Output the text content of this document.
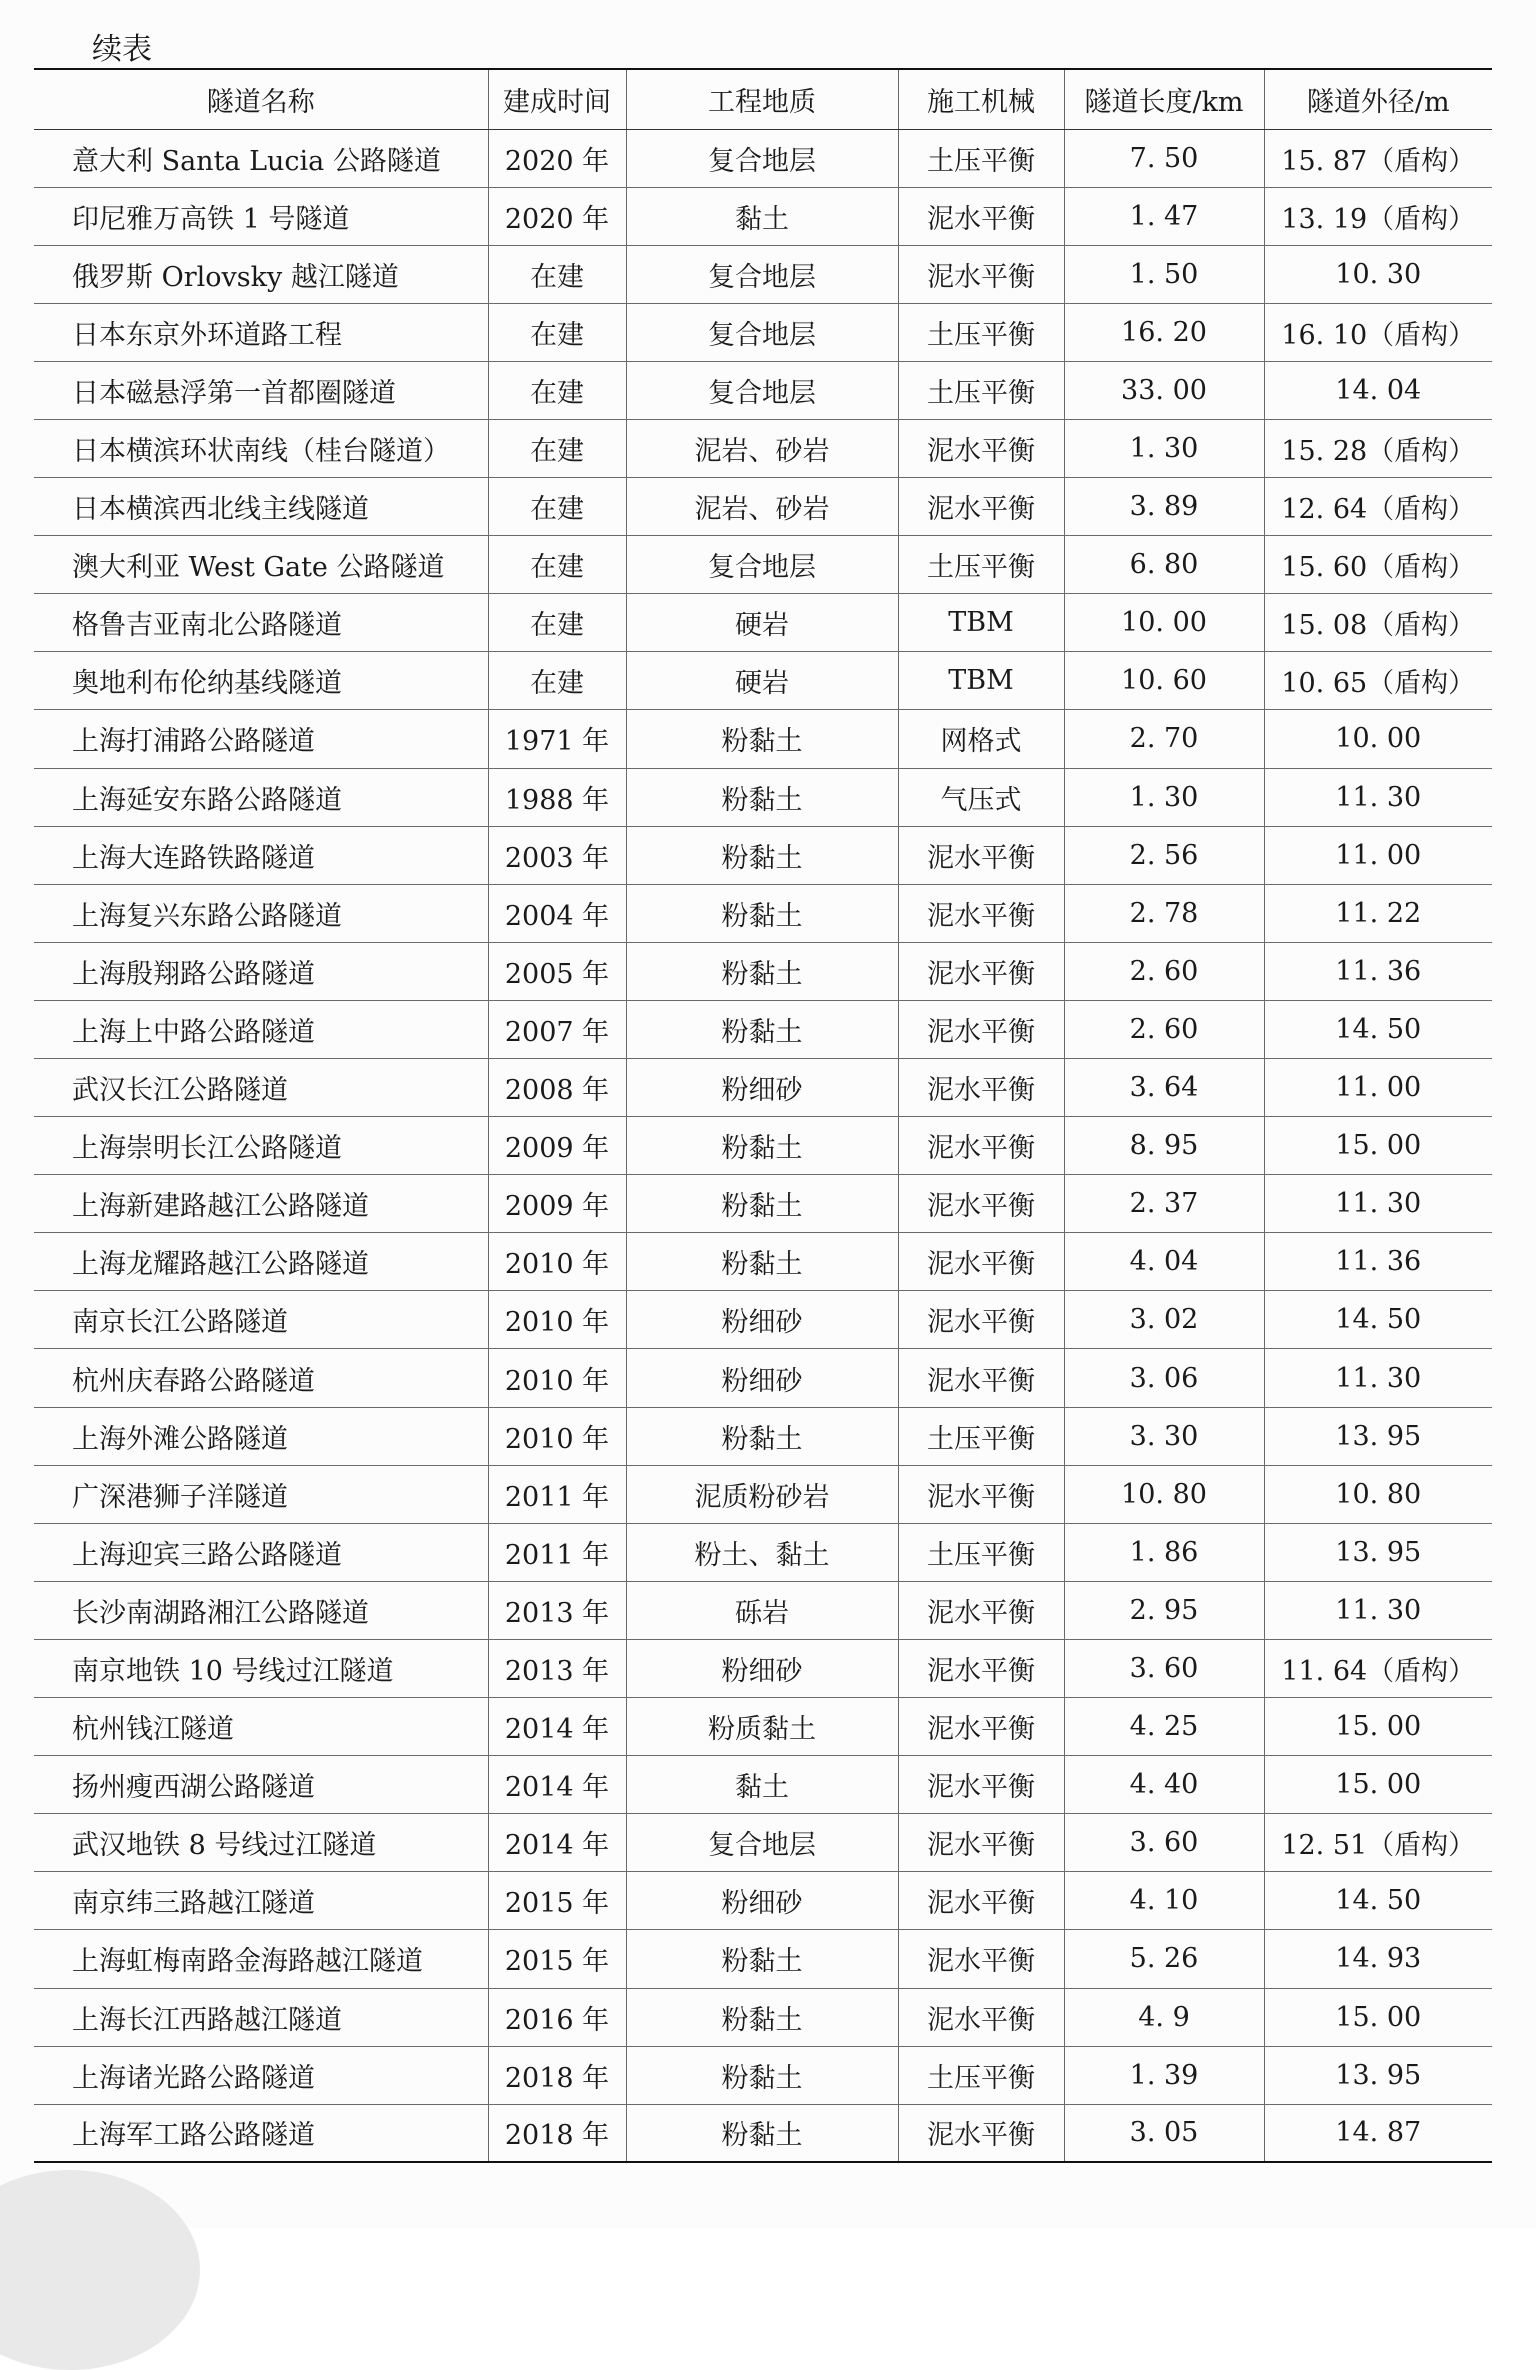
续表
隧道名称	建成时间	工程地质	施工机械	隧道长度/km	隧道外径/m
意大利 Santa Lucia 公路隧道	2020 年	复合地层	土压平衡	7. 50	15. 87（盾构）
印尼雅万高铁 1 号隧道	2020 年	黏土	泥水平衡	1. 47	13. 19（盾构）
俄罗斯 Orlovsky 越江隧道	在建	复合地层	泥水平衡	1. 50	10. 30
日本东京外环道路工程	在建	复合地层	土压平衡	16. 20	16. 10（盾构）
日本磁悬浮第一首都圈隧道	在建	复合地层	土压平衡	33. 00	14. 04
日本横滨环状南线（桂台隧道）	在建	泥岩、砂岩	泥水平衡	1. 30	15. 28（盾构）
日本横滨西北线主线隧道	在建	泥岩、砂岩	泥水平衡	3. 89	12. 64（盾构）
澳大利亚 West Gate 公路隧道	在建	复合地层	土压平衡	6. 80	15. 60（盾构）
格鲁吉亚南北公路隧道	在建	硬岩	TBM	10. 00	15. 08（盾构）
奥地利布伦纳基线隧道	在建	硬岩	TBM	10. 60	10. 65（盾构）
上海打浦路公路隧道	1971 年	粉黏土	网格式	2. 70	10. 00
上海延安东路公路隧道	1988 年	粉黏土	气压式	1. 30	11. 30
上海大连路铁路隧道	2003 年	粉黏土	泥水平衡	2. 56	11. 00
上海复兴东路公路隧道	2004 年	粉黏土	泥水平衡	2. 78	11. 22
上海殷翔路公路隧道	2005 年	粉黏土	泥水平衡	2. 60	11. 36
上海上中路公路隧道	2007 年	粉黏土	泥水平衡	2. 60	14. 50
武汉长江公路隧道	2008 年	粉细砂	泥水平衡	3. 64	11. 00
上海崇明长江公路隧道	2009 年	粉黏土	泥水平衡	8. 95	15. 00
上海新建路越江公路隧道	2009 年	粉黏土	泥水平衡	2. 37	11. 30
上海龙耀路越江公路隧道	2010 年	粉黏土	泥水平衡	4. 04	11. 36
南京长江公路隧道	2010 年	粉细砂	泥水平衡	3. 02	14. 50
杭州庆春路公路隧道	2010 年	粉细砂	泥水平衡	3. 06	11. 30
上海外滩公路隧道	2010 年	粉黏土	土压平衡	3. 30	13. 95
广深港狮子洋隧道	2011 年	泥质粉砂岩	泥水平衡	10. 80	10. 80
上海迎宾三路公路隧道	2011 年	粉土、黏土	土压平衡	1. 86	13. 95
长沙南湖路湘江公路隧道	2013 年	砾岩	泥水平衡	2. 95	11. 30
南京地铁 10 号线过江隧道	2013 年	粉细砂	泥水平衡	3. 60	11. 64（盾构）
杭州钱江隧道	2014 年	粉质黏土	泥水平衡	4. 25	15. 00
扬州瘦西湖公路隧道	2014 年	黏土	泥水平衡	4. 40	15. 00
武汉地铁 8 号线过江隧道	2014 年	复合地层	泥水平衡	3. 60	12. 51（盾构）
南京纬三路越江隧道	2015 年	粉细砂	泥水平衡	4. 10	14. 50
上海虹梅南路金海路越江隧道	2015 年	粉黏土	泥水平衡	5. 26	14. 93
上海长江西路越江隧道	2016 年	粉黏土	泥水平衡	4. 9	15. 00
上海诸光路公路隧道	2018 年	粉黏土	土压平衡	1. 39	13. 95
上海军工路公路隧道	2018 年	粉黏土	泥水平衡	3. 05	14. 87
